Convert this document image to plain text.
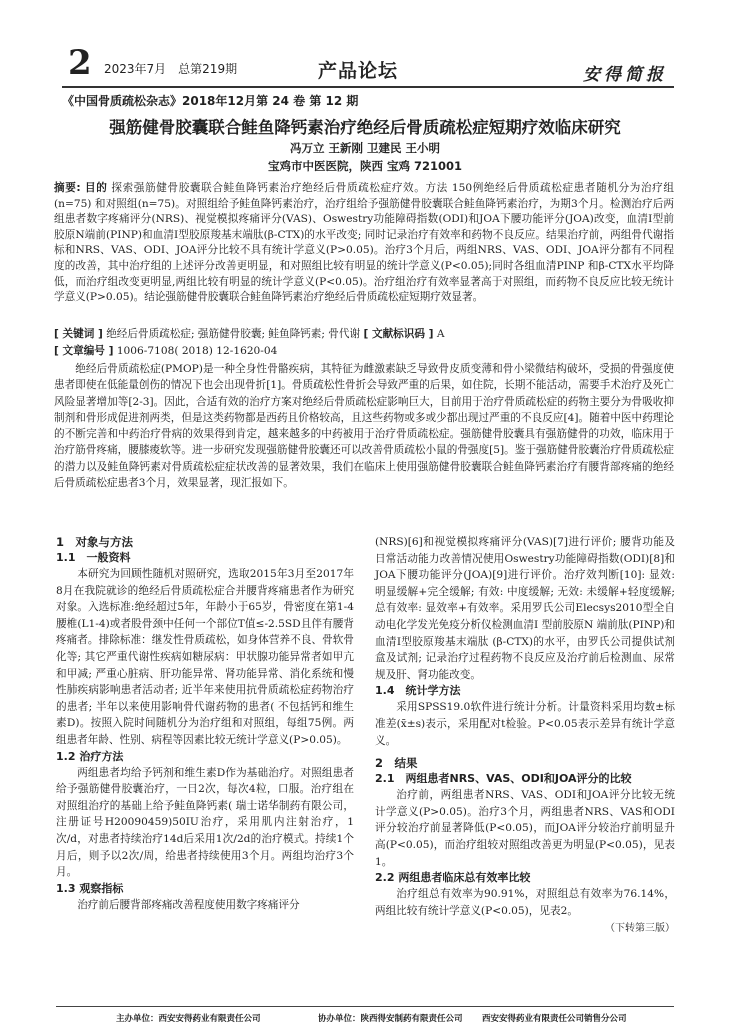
2 2023年7月　总第219期	产品论坛	安得简报
《中国骨质疏松杂志》2018年12月第 24 卷 第 12 期
强筋健骨胶囊联合鲑鱼降钙素治疗绝经后骨质疏松症短期疗效临床研究
冯万立 王新刚 卫建民 王小明
宝鸡市中医医院，陕西 宝鸡 721001
摘要: 目的 探索强筋健骨胶囊联合鲑鱼降钙素治疗绝经后骨质疏松症疗效。方法 150例绝经后骨质疏松症患者随机分为治疗组(n=75) 和对照组(n=75)。对照组给予鲑鱼降钙素治疗，治疗组给予强筋健骨胶囊联合鲑鱼降钙素治疗，为期3个月。检测治疗后两组患者数字疼痛评分(NRS)、视觉模拟疼痛评分(VAS)、Oswestry功能障碍指数(ODI)和JOA下腰功能评分(JOA)改变，血清I型前胶原N端前(PINP)和血清I型胶原羧基末端肽(β-CTX)的水平改变; 同时记录治疗有效率和药物不良反应。结果治疗前，两组骨代谢指标和NRS、VAS、ODI、JOA评分比较不具有统计学意义(P>0.05)。治疗3个月后，两组NRS、VAS、ODI、JOA评分都有不同程度的改善，其中治疗组的上述评分改善更明显，和对照组比较有明显的统计学意义(P<0.05);同时各组血清PINP 和β-CTX水平均降低，而治疗组改变更明显,两组比较有明显的统计学意义(P<0.05)。治疗组治疗有效率显著高于对照组，而药物不良反应比较无统计学意义(P>0.05)。结论强筋健骨胶囊联合鲑鱼降钙素治疗绝经后骨质疏松症短期疗效显著。
[ 关键词 ] 绝经后骨质疏松症; 强筋健骨胶囊; 鲑鱼降钙素; 骨代谢 [ 文献标识码 ] A
[ 文章编号 ] 1006-7108( 2018) 12-1620-04
绝经后骨质疏松症(PMOP)是一种全身性骨骼疾病，其特征为雌激素缺乏导致骨皮质变薄和骨小梁微结构破坏，受损的骨强度使患者即使在低能量创伤的情况下也会出现骨折[1]。骨质疏松性骨折会导致严重的后果，如住院，长期不能活动，需要手术治疗及死亡风险显著增加等[2-3]。因此，合适有效的治疗方案对绝经后骨质疏松症影响巨大，目前用于治疗骨质疏松症的药物主要分为骨吸收抑制剂和骨形成促进剂两类，但是这类药物都是西药且价格较高，且这些药物或多或少都出现过严重的不良反应[4]。随着中医中药理论的不断完善和中药治疗骨病的效果得到肯定，越来越多的中药被用于治疗骨质疏松症。强筋健骨胶囊具有强筋健骨的功效，临床用于治疗筋骨疼痛，腰膝痠软等。进一步研究发现强筋健骨胶囊还可以改善骨质疏松小鼠的骨强度[5]。鉴于强筋健骨胶囊治疗骨质疏松症的潜力以及鲑鱼降钙素对骨质疏松症症状改善的显著效果，我们在临床上使用强筋健骨胶囊联合鲑鱼降钙素治疗有腰背部疼痛的绝经后骨质疏松症患者3个月，效果显著，现汇报如下。
1　对象与方法
1.1　一般资料

本研究为回顾性随机对照研究，选取2015年3月至2017年8月在我院就诊的绝经后骨质疏松症合并腰背疼痛患者作为研究对象。入选标准:绝经超过5年，年龄小于65岁，骨密度在第1-4腰椎(L1-4)或者股骨颈中任何一个部位T值≤-2.5SD且伴有腰背疼痛者。排除标准：继发性骨质疏松，如身体营养不良、骨软骨化等; 其它严重代谢性疾病如糖尿病：甲状腺功能异常者如甲亢和甲减; 严重心脏病、肝功能异常、肾功能异常、消化系统和慢性肺疾病影响患者活动者; 近半年来使用抗骨质疏松症药物治疗的患者; 半年以来使用影响骨代谢药物的患者( 不包括钙和维生素D)。按照入院时间随机分为治疗组和对照组，每组75例。两组患者年龄、性别、病程等因素比较无统计学意义(P>0.05)。

1.2 治疗方法

两组患者均给予钙剂和维生素D作为基础治疗。对照组患者给予强筋健骨胶囊治疗，一日2次，每次4粒，口服。治疗组在对照组治疗的基础上给予鲑鱼降钙素( 瑞士诺华制药有限公司，注册证号H20090459)50IU治疗，采用肌内注射治疗，1次/d，对患者持续治疗14d后采用1次/2d的治疗模式。持续1个月后，则予以2次/周，给患者持续使用3个月。两组均治疗3个月。

1.3 观察指标

治疗前后腰背部疼痛改善程度使用数字疼痛评分

(NRS)[6]和视觉模拟疼痛评分(VAS)[7]进行评价; 腰背功能及日常活动能力改善情况使用Oswestry功能障碍指数(ODI)[8]和JOA下腰功能评分(JOA)[9]进行评价。治疗效判断[10]: 显效: 明显缓解+完全缓解; 有效: 中度缓解; 无效: 未缓解+轻度缓解; 总有效率: 显效率+有效率。采用罗氏公司Elecsys2010型全自动电化学发光免疫分析仪检测血清Ⅰ 型前胶原N 端前肽(PINP)和血清Ⅰ型胶原羧基末端肽 (β-CTX)的水平，由罗氏公司提供试剂盒及试剂; 记录治疗过程药物不良反应及治疗前后检测血、尿常规及肝、肾功能改变。

1.4　统计学方法

采用SPSS19.0软件进行统计分析。计量资料采用均数±标准差(x̄±s)表示，采用配对t检验。P<0.05表示差异有统计学意义。

2　结果
2.1　两组患者NRS、VAS、ODI和JOA评分的比较

治疗前，两组患者NRS、VAS、ODI和JOA评分比较无统计学意义(P>0.05)。治疗3个月，两组患者NRS、VAS和ODI评分较治疗前显著降低(P<0.05)，而JOA评分较治疗前明显升高(P<0.05)，而治疗组较对照组改善更为明显(P<0.05)，见表1。

2.2 两组患者临床总有效率比较

治疗组总有效率为90.91%，对照组总有效率为76.14%，两组比较有统计学意义(P<0.05)，见表2。

（下转第三版）
主办单位：西安安得药业有限责任公司	协办单位：陕西得安制药有限责任公司 西安安得药业有限责任公司销售分公司
